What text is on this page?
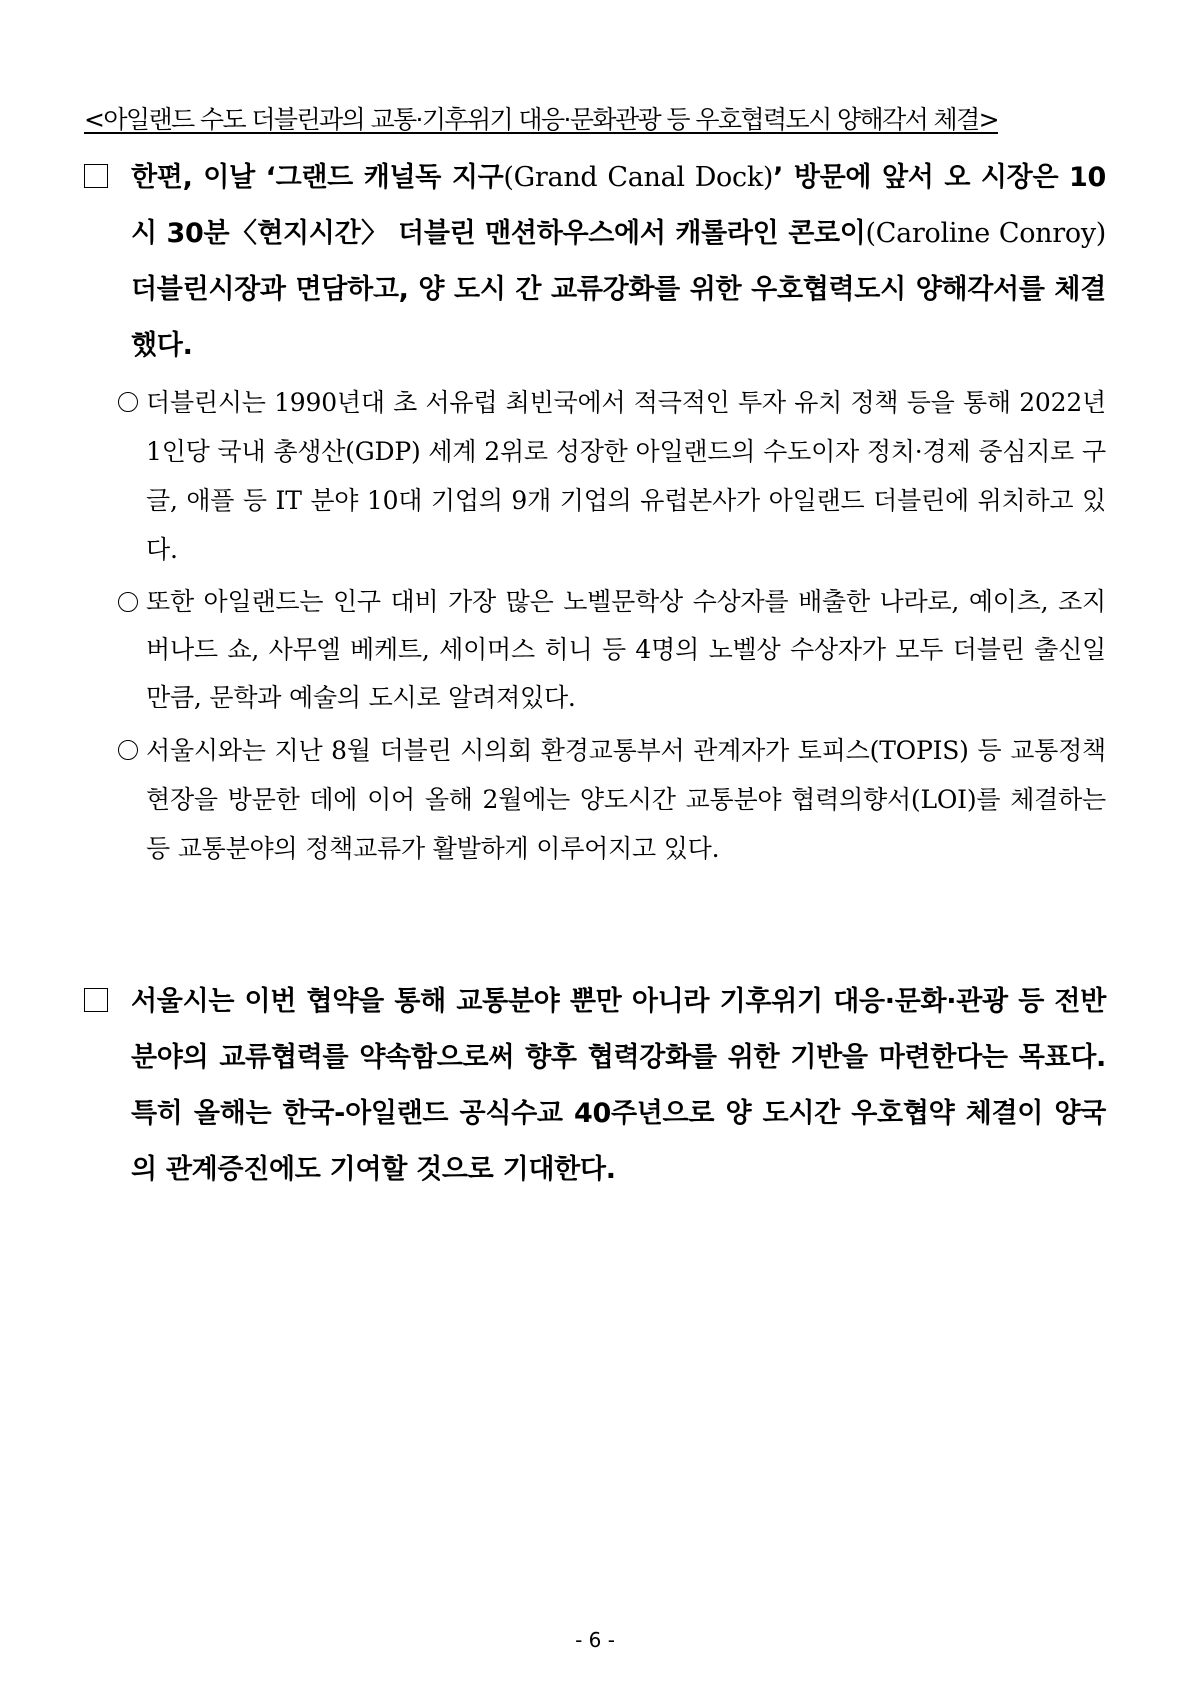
<아일랜드 수도 더블린과의 교통·기후위기 대응·문화관광 등 우호협력도시 양해각서 체결>
한편, 이날 ‘그랜드 캐널독 지구(Grand Canal Dock)’ 방문에 앞서 오 시장은 10시 30분〈현지시간〉 더블린 맨션하우스에서 캐롤라인 콘로이(Caroline Conroy) 더블린시장과 면담하고, 양 도시 간 교류강화를 위한 우호협력도시 양해각서를 체결했다.
더블린시는 1990년대 초 서유럽 최빈국에서 적극적인 투자 유치 정책 등을 통해 2022년 1인당 국내 총생산(GDP) 세계 2위로 성장한 아일랜드의 수도이자 정치·경제 중심지로 구글, 애플 등 IT 분야 10대 기업의 9개 기업의 유럽본사가 아일랜드 더블린에 위치하고 있다.
또한 아일랜드는 인구 대비 가장 많은 노벨문학상 수상자를 배출한 나라로, 예이츠, 조지 버나드 쇼, 사무엘 베케트, 세이머스 히니 등 4명의 노벨상 수상자가 모두 더블린 출신일 만큼, 문학과 예술의 도시로 알려져있다.
서울시와는 지난 8월 더블린 시의회 환경교통부서 관계자가 토피스(TOPIS) 등 교통정책 현장을 방문한 데에 이어 올해 2월에는 양도시간 교통분야 협력의향서(LOI)를 체결하는 등 교통분야의 정책교류가 활발하게 이루어지고 있다.
서울시는 이번 협약을 통해 교통분야 뿐만 아니라 기후위기 대응·문화·관광 등 전반 분야의 교류협력를 약속함으로써 향후 협력강화를 위한 기반을 마련한다는 목표다. 특히 올해는 한국-아일랜드 공식수교 40주년으로 양 도시간 우호협약 체결이 양국의 관계증진에도 기여할 것으로 기대한다.
- 6 -
